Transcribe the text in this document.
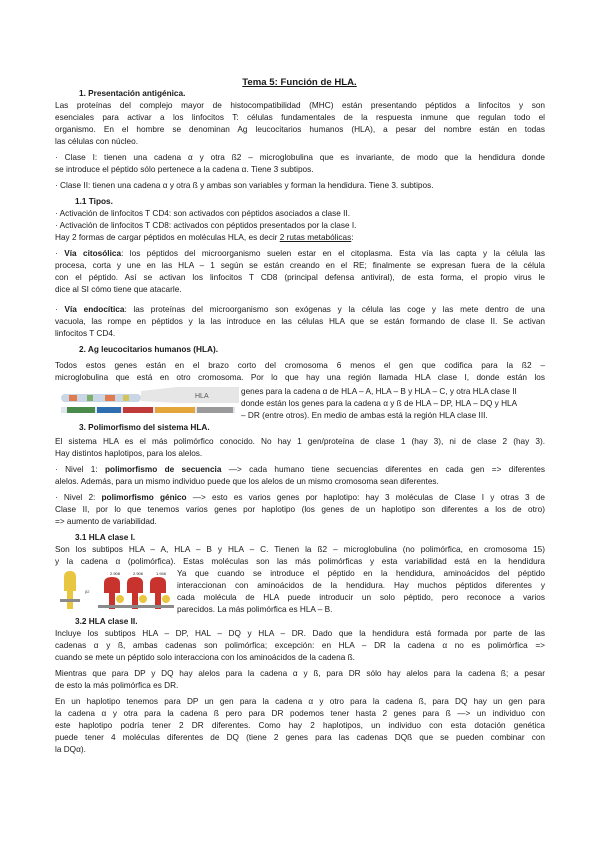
Tema 5: Función de HLA.
1. Presentación antigénica.
Las proteínas del complejo mayor de histocompatibilidad (MHC) están presentando péptidos a linfocitos y son
esenciales para activar a los linfocitos T: células fundamentales de la respuesta inmune que regulan todo el
organismo. En el hombre se denominan Ag leucocitarios humanos (HLA), a pesar del nombre están en todas
las células con núcleo.
· Clase I: tienen una cadena α y otra ß2 – microglobulina que es invariante, de modo que la hendidura donde
se introduce el péptido sólo pertenece a la cadena α. Tiene 3 subtipos.
· Clase II: tienen una cadena α y otra ß y ambas son variables y forman la hendidura. Tiene 3. subtipos.
1.1 Tipos.
· Activación de linfocitos T CD4: son activados con péptidos asociados a clase II.
· Activación de linfocitos T CD8: activados con péptidos presentados por la clase I.
Hay 2 formas de cargar péptidos en moléculas HLA, es decir 2 rutas metabólicas:
· Vía citosólica: los péptidos del microorganismo suelen estar en el citoplasma. Esta vía las capta y la célula las
procesa, corta y une en las HLA – 1 según se están creando en el RE; finalmente se expresan fuera de la célula
con el péptido. Así se activan los linfocitos T CD8 (principal defensa antiviral), de esta forma, el propio virus le
dice al SI cómo tiene que atacarle.
· Vía endocítica: las proteínas del microorganismo son exógenas y la célula las coge y las mete dentro de una
vacuola, las rompe en péptidos y la las introduce en las células HLA que se están formando de clase II. Se activan
linfocitos T CD4.
2. Ag leucocitarios humanos (HLA).
Todos estos genes están en el brazo corto del cromosoma 6 menos el gen que codifica para la ß2 –
microglobulina que está en otro cromosoma. Por lo que hay una región llamada HLA clase I, donde están los
HLA
genes para la cadena α de HLA – A, HLA – B y HLA – C, y otra HLA clase II
donde están los genes para la cadena α y ß de HLA – DP, HLA – DQ y HLA
– DR (entre otros). En medio de ambas está la región HLA clase III.
3. Polimorfismo del sistema HLA.
El sistema HLA es el más polimórfico conocido. No hay 1 gen/proteína de clase 1 (hay 3), ni de clase 2 (hay 3).
Hay distintos haplotipos, para los alelos.
· Nivel 1: polimorfismo de secuencia —> cada humano tiene secuencias diferentes en cada gen => diferentes
alelos. Además, para un mismo individuo puede que los alelos de un mismo cromosoma sean diferentes.
· Nivel 2: polimorfismo génico —> esto es varios genes por haplotipo: hay 3 moléculas de Clase I y otras 3 de
Clase II, por lo que tenemos varios genes por haplotipo (los genes de un haplotipo son diferentes a los de otro)
=> aumento de variabilidad.
3.1 HLA clase I.
Son los subtipos HLA – A, HLA – B y HLA – C. Tienen la ß2 – microglobulina (no polimórfica, en cromosoma 15)
y la cadena α (polimórfica). Estas moléculas son las más polimórficas y esta variabilidad está en la hendidura
β2
2.908	2.906	1.946 Ya que cuando se introduce el péptido en la hendidura, aminoácidos del péptido
interaccionan con aminoácidos de la hendidura. Hay muchos péptidos diferentes y
cada molécula de HLA puede introducir un solo péptido, pero reconoce a varios
parecidos. La más polimórfica es HLA – B.
3.2 HLA clase II.
Incluye los subtipos HLA – DP, HAL – DQ y HLA – DR. Dado que la hendidura está formada por parte de las
cadenas α y ß, ambas cadenas son polimórfica; excepción: en HLA – DR la cadena α no es polimórfica =>
cuando se mete un péptido solo interacciona con los aminoácidos de la cadena ß.
Mientras que para DP y DQ hay alelos para la cadena α y ß, para DR sólo hay alelos para la cadena ß; a pesar
de esto la más polimórfica es DR.
En un haplotipo tenemos para DP un gen para la cadena α y otro para la cadena ß, para DQ hay un gen para
la cadena α y otra para la cadena ß pero para DR podemos tener hasta 2 genes para ß —> un individuo con
este haplotipo podría tener 2 DR diferentes. Como hay 2 haplotipos, un individuo con esta dotación genética
puede tener 4 moléculas diferentes de DQ (tiene 2 genes para las cadenas DQß que se pueden combinar con
la DQα).
